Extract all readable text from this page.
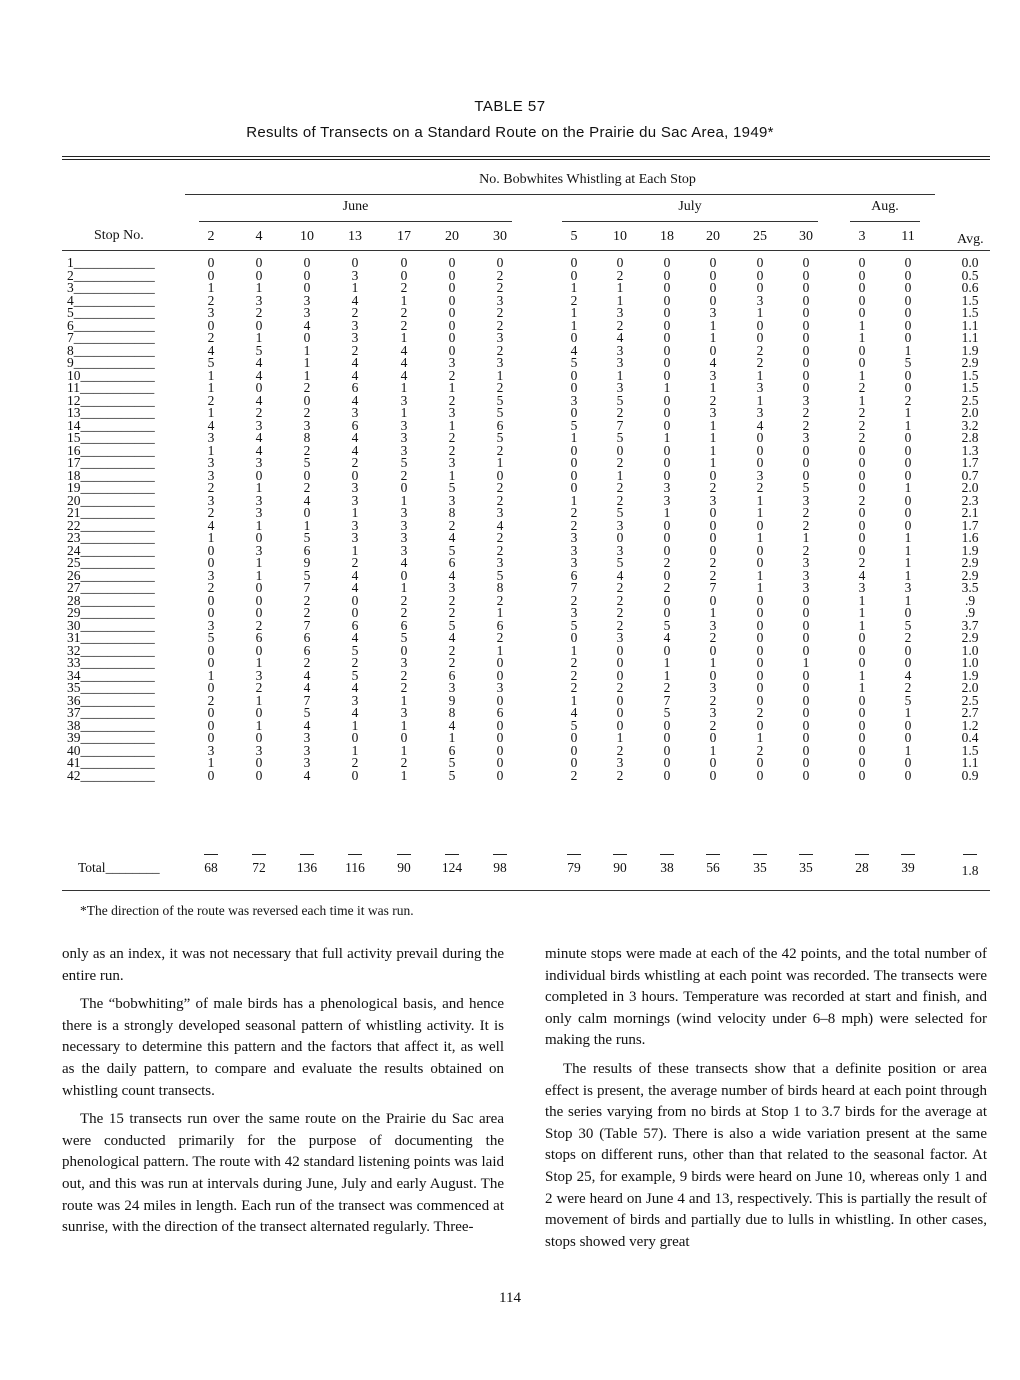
TABLE 57
Results of Transects on a Standard Route on the Prairie du Sac Area, 1949*
No. Bobwhites Whistling at Each Stop
June
2	4	10	13	17	20	30
July
5	10	18	20	25	30
Aug.
3	11
Stop No.	Avg.
1____________	0	0	0	0	0	0	0	0	0	0	0	0	0	0	0	0.0
2____________	0	0	0	3	0	0	2	0	2	0	0	0	0	0	0	0.5
3____________	1	1	0	1	2	0	2	1	1	0	0	0	0	0	0	0.6
4____________	2	3	3	4	1	0	3	2	1	0	0	3	0	0	0	1.5
5____________	3	2	3	2	2	0	2	1	3	0	3	1	0	0	0	1.5
6____________	0	0	4	3	2	0	2	1	2	0	1	0	0	1	0	1.1
7____________	2	1	0	3	1	0	3	0	4	0	1	0	0	1	0	1.1
8____________	4	5	1	2	4	0	2	4	3	0	0	2	0	0	1	1.9
9____________	5	4	1	4	4	3	3	5	3	0	4	2	0	0	5	2.9
10___________	1	4	1	4	4	2	1	0	1	0	3	1	0	1	0	1.5
11___________	1	0	2	6	1	1	2	0	3	1	1	3	0	2	0	1.5
12___________	2	4	0	4	3	2	5	3	5	0	2	1	3	1	2	2.5
13___________	1	2	2	3	1	3	5	0	2	0	3	3	2	2	1	2.0
14___________	4	3	3	6	3	1	6	5	7	0	1	4	2	2	1	3.2
15___________	3	4	8	4	3	2	5	1	5	1	1	0	3	2	0	2.8
16___________	1	4	2	4	3	2	2	0	0	0	1	0	0	0	0	1.3
17___________	3	3	5	2	5	3	1	0	2	0	1	0	0	0	0	1.7
18___________	3	0	0	0	2	1	0	0	1	0	0	3	0	0	0	0.7
19___________	2	1	2	3	0	5	2	0	2	3	2	2	5	0	1	2.0
20___________	3	3	4	3	1	3	2	1	2	3	3	1	3	2	0	2.3
21___________	2	3	0	1	3	8	3	2	5	1	0	1	2	0	0	2.1
22___________	4	1	1	3	3	2	4	2	3	0	0	0	2	0	0	1.7
23___________	1	0	5	3	3	4	2	3	0	0	0	1	1	0	1	1.6
24___________	0	3	6	1	3	5	2	3	3	0	0	0	2	0	1	1.9
25___________	0	1	9	2	4	6	3	3	5	2	2	0	3	2	1	2.9
26___________	3	1	5	4	0	4	5	6	4	0	2	1	3	4	1	2.9
27___________	2	0	7	4	1	3	8	7	2	2	7	1	3	3	3	3.5
28___________	0	0	2	0	2	2	2	2	2	0	0	0	0	1	1	.9
29___________	0	0	2	0	2	2	1	3	2	0	1	0	0	1	0	.9
30___________	3	2	7	6	6	5	6	5	2	5	3	0	0	1	5	3.7
31___________	5	6	6	4	5	4	2	0	3	4	2	0	0	0	2	2.9
32___________	0	0	6	5	0	2	1	1	0	0	0	0	0	0	0	1.0
33___________	0	1	2	2	3	2	0	2	0	1	1	0	1	0	0	1.0
34___________	1	3	4	5	2	6	0	2	0	1	0	0	0	1	4	1.9
35___________	0	2	4	4	2	3	3	2	2	2	3	0	0	1	2	2.0
36___________	2	1	7	3	1	9	0	1	0	7	2	0	0	0	5	2.5
37___________	0	0	5	4	3	8	6	4	0	5	3	2	0	0	1	2.7
38___________	0	1	4	1	1	4	0	5	0	0	2	0	0	0	0	1.2
39___________	0	0	3	0	0	1	0	0	1	0	0	1	0	0	0	0.4
40___________	3	3	3	1	1	6	0	0	2	0	1	2	0	0	1	1.5
41___________	1	0	3	2	2	5	0	0	3	0	0	0	0	0	0	1.1
42___________	0	0	4	0	1	5	0	2	2	0	0	0	0	0	0	0.9
Total________	68	72	136	116	90	124	98	79	90	38	56	35	35	28	39	1.8
*The direction of the route was reversed each time it was run.

only as an index, it was not necessary that full activity prevail during the entire run.

The “bobwhiting” of male birds has a phenological basis, and hence there is a strongly developed seasonal pattern of whistling activity. It is necessary to determine this pattern and the factors that affect it, as well as the daily pattern, to compare and evaluate the results obtained on whistling count transects.

The 15 transects run over the same route on the Prairie du Sac area were conducted primarily for the purpose of documenting the phenological pattern. The route with 42 standard listening points was laid out, and this was run at intervals during June, July and early August. The route was 24 miles in length. Each run of the transect was commenced at sunrise, with the direction of the transect alternated regularly. Three-

minute stops were made at each of the 42 points, and the total number of individual birds whistling at each point was recorded. The transects were completed in 3 hours. Temperature was recorded at start and finish, and only calm mornings (wind velocity under 6–8 mph) were selected for making the runs.

The results of these transects show that a definite position or area effect is present, the average number of birds heard at each point through the series varying from no birds at Stop 1 to 3.7 birds for the average at Stop 30 (Table 57). There is also a wide variation present at the same stops on different runs, other than that related to the seasonal factor. At Stop 25, for example, 9 birds were heard on June 10, whereas only 1 and 2 were heard on June 4 and 13, respectively. This is partially the result of movement of birds and partially due to lulls in whistling. In other cases, stops showed very great

114
